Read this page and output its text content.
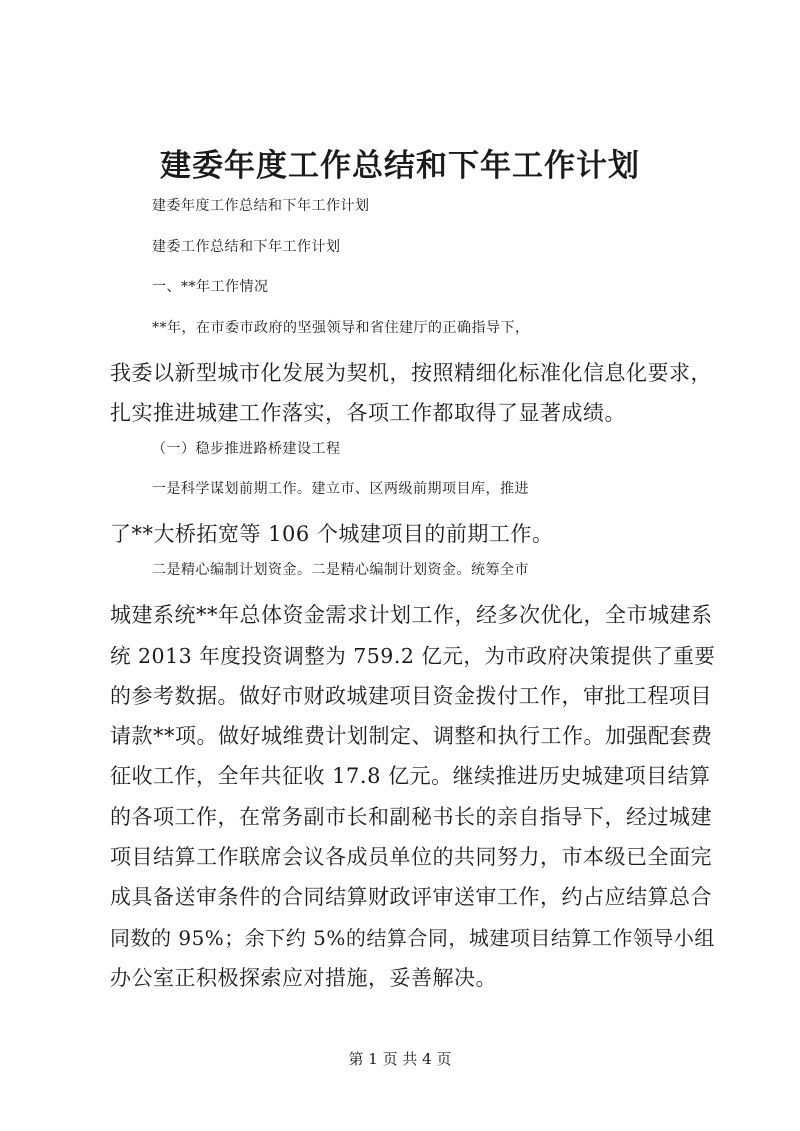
建委年度工作总结和下年工作计划
建委年度工作总结和下年工作计划
建委工作总结和下年工作计划
一、**年工作情况
**年，在市委市政府的坚强领导和省住建厅的正确指导下，
我委以新型城市化发展为契机，按照精细化标准化信息化要求，
扎实推进城建工作落实，各项工作都取得了显著成绩。
（一）稳步推进路桥建设工程
一是科学谋划前期工作。建立市、区两级前期项目库，推进
了**大桥拓宽等 106 个城建项目的前期工作。
二是精心编制计划资金。二是精心编制计划资金。统筹全市
城建系统**年总体资金需求计划工作，经多次优化，全市城建系
统 2013 年度投资调整为 759.2 亿元，为市政府决策提供了重要
的参考数据。做好市财政城建项目资金拨付工作，审批工程项目
请款**项。做好城维费计划制定、调整和执行工作。加强配套费
征收工作，全年共征收 17.8 亿元。继续推进历史城建项目结算
的各项工作，在常务副市长和副秘书长的亲自指导下，经过城建
项目结算工作联席会议各成员单位的共同努力，市本级已全面完
成具备送审条件的合同结算财政评审送审工作，约占应结算总合
同数的 95%；余下约 5%的结算合同，城建项目结算工作领导小组
办公室正积极探索应对措施，妥善解决。
第 1 页 共 4 页
